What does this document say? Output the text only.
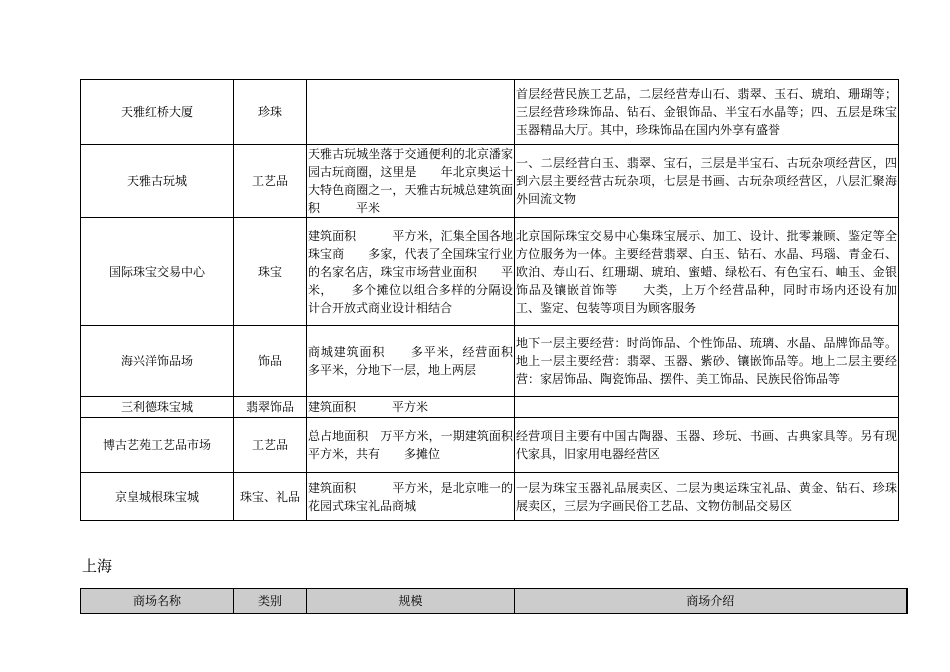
天雅红桥大厦	珍珠		首层经营民族工艺品，二层经营寿山石、翡翠、玉石、琥珀、珊瑚等；三层经营珍珠饰品、钻石、金银饰品、半宝石水晶等；四、五层是珠宝玉器精品大厅。其中，珍珠饰品在国内外享有盛誉
天雅古玩城	工艺品	天雅古玩城坐落于交通便利的北京潘家园古玩商圈，这里是　　年北京奥运十大特色商圈之一，天雅古玩城总建筑面积　　　平米	一、二层经营白玉、翡翠、宝石，三层是半宝石、古玩杂项经营区，四到六层主要经营古玩杂项，七层是书画、古玩杂项经营区，八层汇聚海外回流文物
国际珠宝交易中心	珠宝	建筑面积　　　平方米，汇集全国各地珠宝商　　多家，代表了全国珠宝行业的名家名店，珠宝市场营业面积　　平米，　　多个摊位以组合多样的分隔设计合开放式商业设计相结合	北京国际珠宝交易中心集珠宝展示、加工、设计、批零兼顾、鉴定等全方位服务为一体。主要经营翡翠、白玉、钻石、水晶、玛瑙、青金石、欧泊、寿山石、红珊瑚、琥珀、蜜蜡、绿松石、有色宝石、岫玉、金银饰品及镶嵌首饰等　　大类，上万个经营品种，同时市场内还设有加工、鉴定、包装等项目为顾客服务
海兴洋饰品场	饰品	商城建筑面积　　多平米，经营面积　　多平米，分地下一层，地上两层	地下一层主要经营：时尚饰品、个性饰品、琉璃、水晶、品牌饰品等。地上一层主要经营：翡翠、玉器、紫砂、镶嵌饰品等。地上二层主要经营：家居饰品、陶瓷饰品、摆件、美工饰品、民族民俗饰品等
三利德珠宝城	翡翠饰品	建筑面积　　　平方米	
博古艺苑工艺品市场	工艺品	总占地面积　万平方米，一期建筑面积　　　平方米，共有　　多摊位	经营项目主要有中国古陶器、玉器、珍玩、书画、古典家具等。另有现代家具，旧家用电器经营区
京皇城根珠宝城	珠宝、礼品	建筑面积　　　平方米，是北京唯一的花园式珠宝礼品商城	一层为珠宝玉器礼品展卖区、二层为奥运珠宝礼品、黄金、钻石、珍珠展卖区，三层为字画民俗工艺品、文物仿制品交易区
上海
商场名称	类别	规模	商场介绍
